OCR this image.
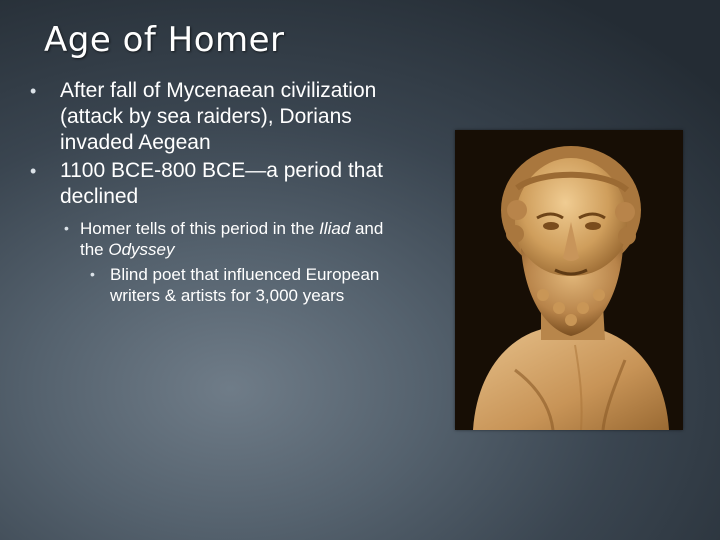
Age of Homer
• After fall of Mycenaean civilization (attack by sea raiders), Dorians invaded Aegean
• 1100 BCE-800 BCE—a period that declined
• Homer tells of this period in the Iliad and the Odyssey
• Blind poet that influenced European writers & artists for 3,000 years
